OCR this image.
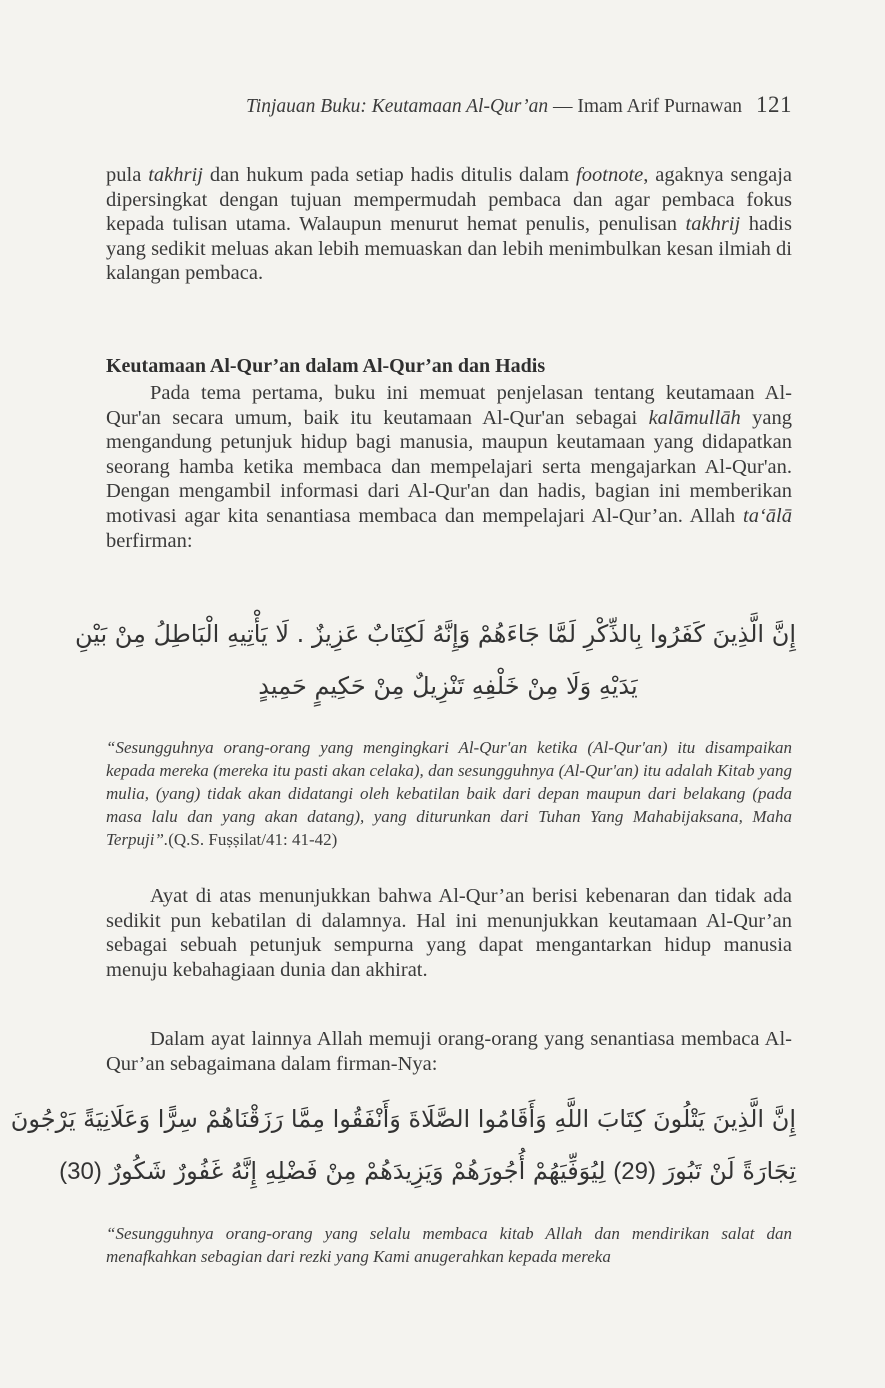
Tinjauan Buku: Keutamaan Al-Qur’an — Imam Arif Purnawan 121

pula takhrij dan hukum pada setiap hadis ditulis dalam footnote, agaknya sengaja dipersingkat dengan tujuan mempermudah pembaca dan agar pembaca fokus kepada tulisan utama. Walaupun menurut hemat penulis, penulisan takhrij hadis yang sedikit meluas akan lebih memuaskan dan lebih menimbulkan kesan ilmiah di kalangan pembaca.

Keutamaan Al-Qur’an dalam Al-Qur’an dan Hadis

Pada tema pertama, buku ini memuat penjelasan tentang keutamaan Al-Qur'an secara umum, baik itu keutamaan Al-Qur'an sebagai kalāmullāh yang mengandung petunjuk hidup bagi manusia, maupun keutamaan yang didapatkan seorang hamba ketika membaca dan mempelajari serta mengajarkan Al-Qur'an. Dengan mengambil informasi dari Al-Qur'an dan hadis, bagian ini memberikan motivasi agar kita senantiasa membaca dan mempelajari Al-Qur’an. Allah ta‘ālā berfirman:

إِنَّ الَّذِينَ كَفَرُوا بِالذِّكْرِ لَمَّا جَاءَهُمْ وَإِنَّهُ لَكِتَابٌ عَزِيزٌ . لَا يَأْتِيهِ الْبَاطِلُ مِنْ بَيْنِ

يَدَيْهِ وَلَا مِنْ خَلْفِهِ تَنْزِيلٌ مِنْ حَكِيمٍ حَمِيدٍ

“Sesungguhnya orang-orang yang mengingkari Al-Qur'an ketika (Al-Qur'an) itu disampaikan kepada mereka (mereka itu pasti akan celaka), dan sesungguhnya (Al-Qur'an) itu adalah Kitab yang mulia, (yang) tidak akan didatangi oleh kebatilan baik dari depan maupun dari belakang (pada masa lalu dan yang akan datang), yang diturunkan dari Tuhan Yang Mahabijaksana, Maha Terpuji”.(Q.S. Fuṣṣilat/41: 41-42)

Ayat di atas menunjukkan bahwa Al-Qur’an berisi kebenaran dan tidak ada sedikit pun kebatilan di dalamnya. Hal ini menunjukkan keutamaan Al-Qur’an sebagai sebuah petunjuk sempurna yang dapat mengantarkan hidup manusia menuju kebahagiaan dunia dan akhirat.

Dalam ayat lainnya Allah memuji orang-orang yang senantiasa membaca Al-Qur’an sebagaimana dalam firman-Nya:

إِنَّ الَّذِينَ يَتْلُونَ كِتَابَ اللَّهِ وَأَقَامُوا الصَّلَاةَ وَأَنْفَقُوا مِمَّا رَزَقْنَاهُمْ سِرًّا وَعَلَانِيَةً يَرْجُونَ

تِجَارَةً لَنْ تَبُورَ (29) لِيُوَفِّيَهُمْ أُجُورَهُمْ وَيَزِيدَهُمْ مِنْ فَضْلِهِ إِنَّهُ غَفُورٌ شَكُورٌ (30)

“Sesungguhnya orang-orang yang selalu membaca kitab Allah dan mendirikan salat dan menafkahkan sebagian dari rezki yang Kami anugerahkan kepada mereka
